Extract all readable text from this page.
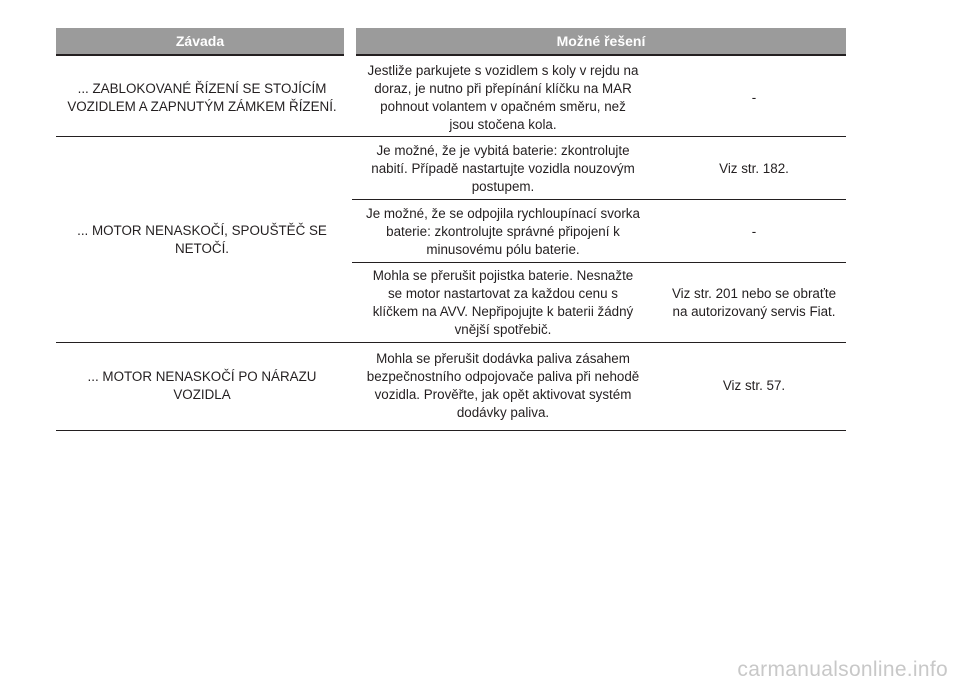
Závada	Možné řešení
... ZABLOKOVANÉ ŘÍZENÍ SE STOJÍCÍM
VOZIDLEM A ZAPNUTÝM ZÁMKEM ŘÍZENÍ.
Jestliže parkujete s vozidlem s koly v rejdu na
doraz, je nutno při přepínání klíčku na MAR
pohnout volantem v opačném směru, než
jsou stočena kola.
-
... MOTOR NENASKOČÍ, SPOUŠTĚČ SE
NETOČÍ.
Je možné, že je vybitá baterie: zkontrolujte
nabití. Případě nastartujte vozidla nouzovým
postupem.
Viz str. 182.
Je možné, že se odpojila rychloupínací svorka
baterie: zkontrolujte správné připojení k
minusovému pólu baterie.
-
Mohla se přerušit pojistka baterie. Nesnažte
se motor nastartovat za každou cenu s
klíčkem na AVV. Nepřipojujte k baterii žádný
vnější spotřebič.
Viz str. 201 nebo se obraťte
na autorizovaný servis Fiat.
... MOTOR NENASKOČÍ PO NÁRAZU
VOZIDLA
Mohla se přerušit dodávka paliva zásahem
bezpečnostního odpojovače paliva při nehodě
vozidla. Prověřte, jak opět aktivovat systém
dodávky paliva.
Viz str. 57.
carmanualsonline.info
